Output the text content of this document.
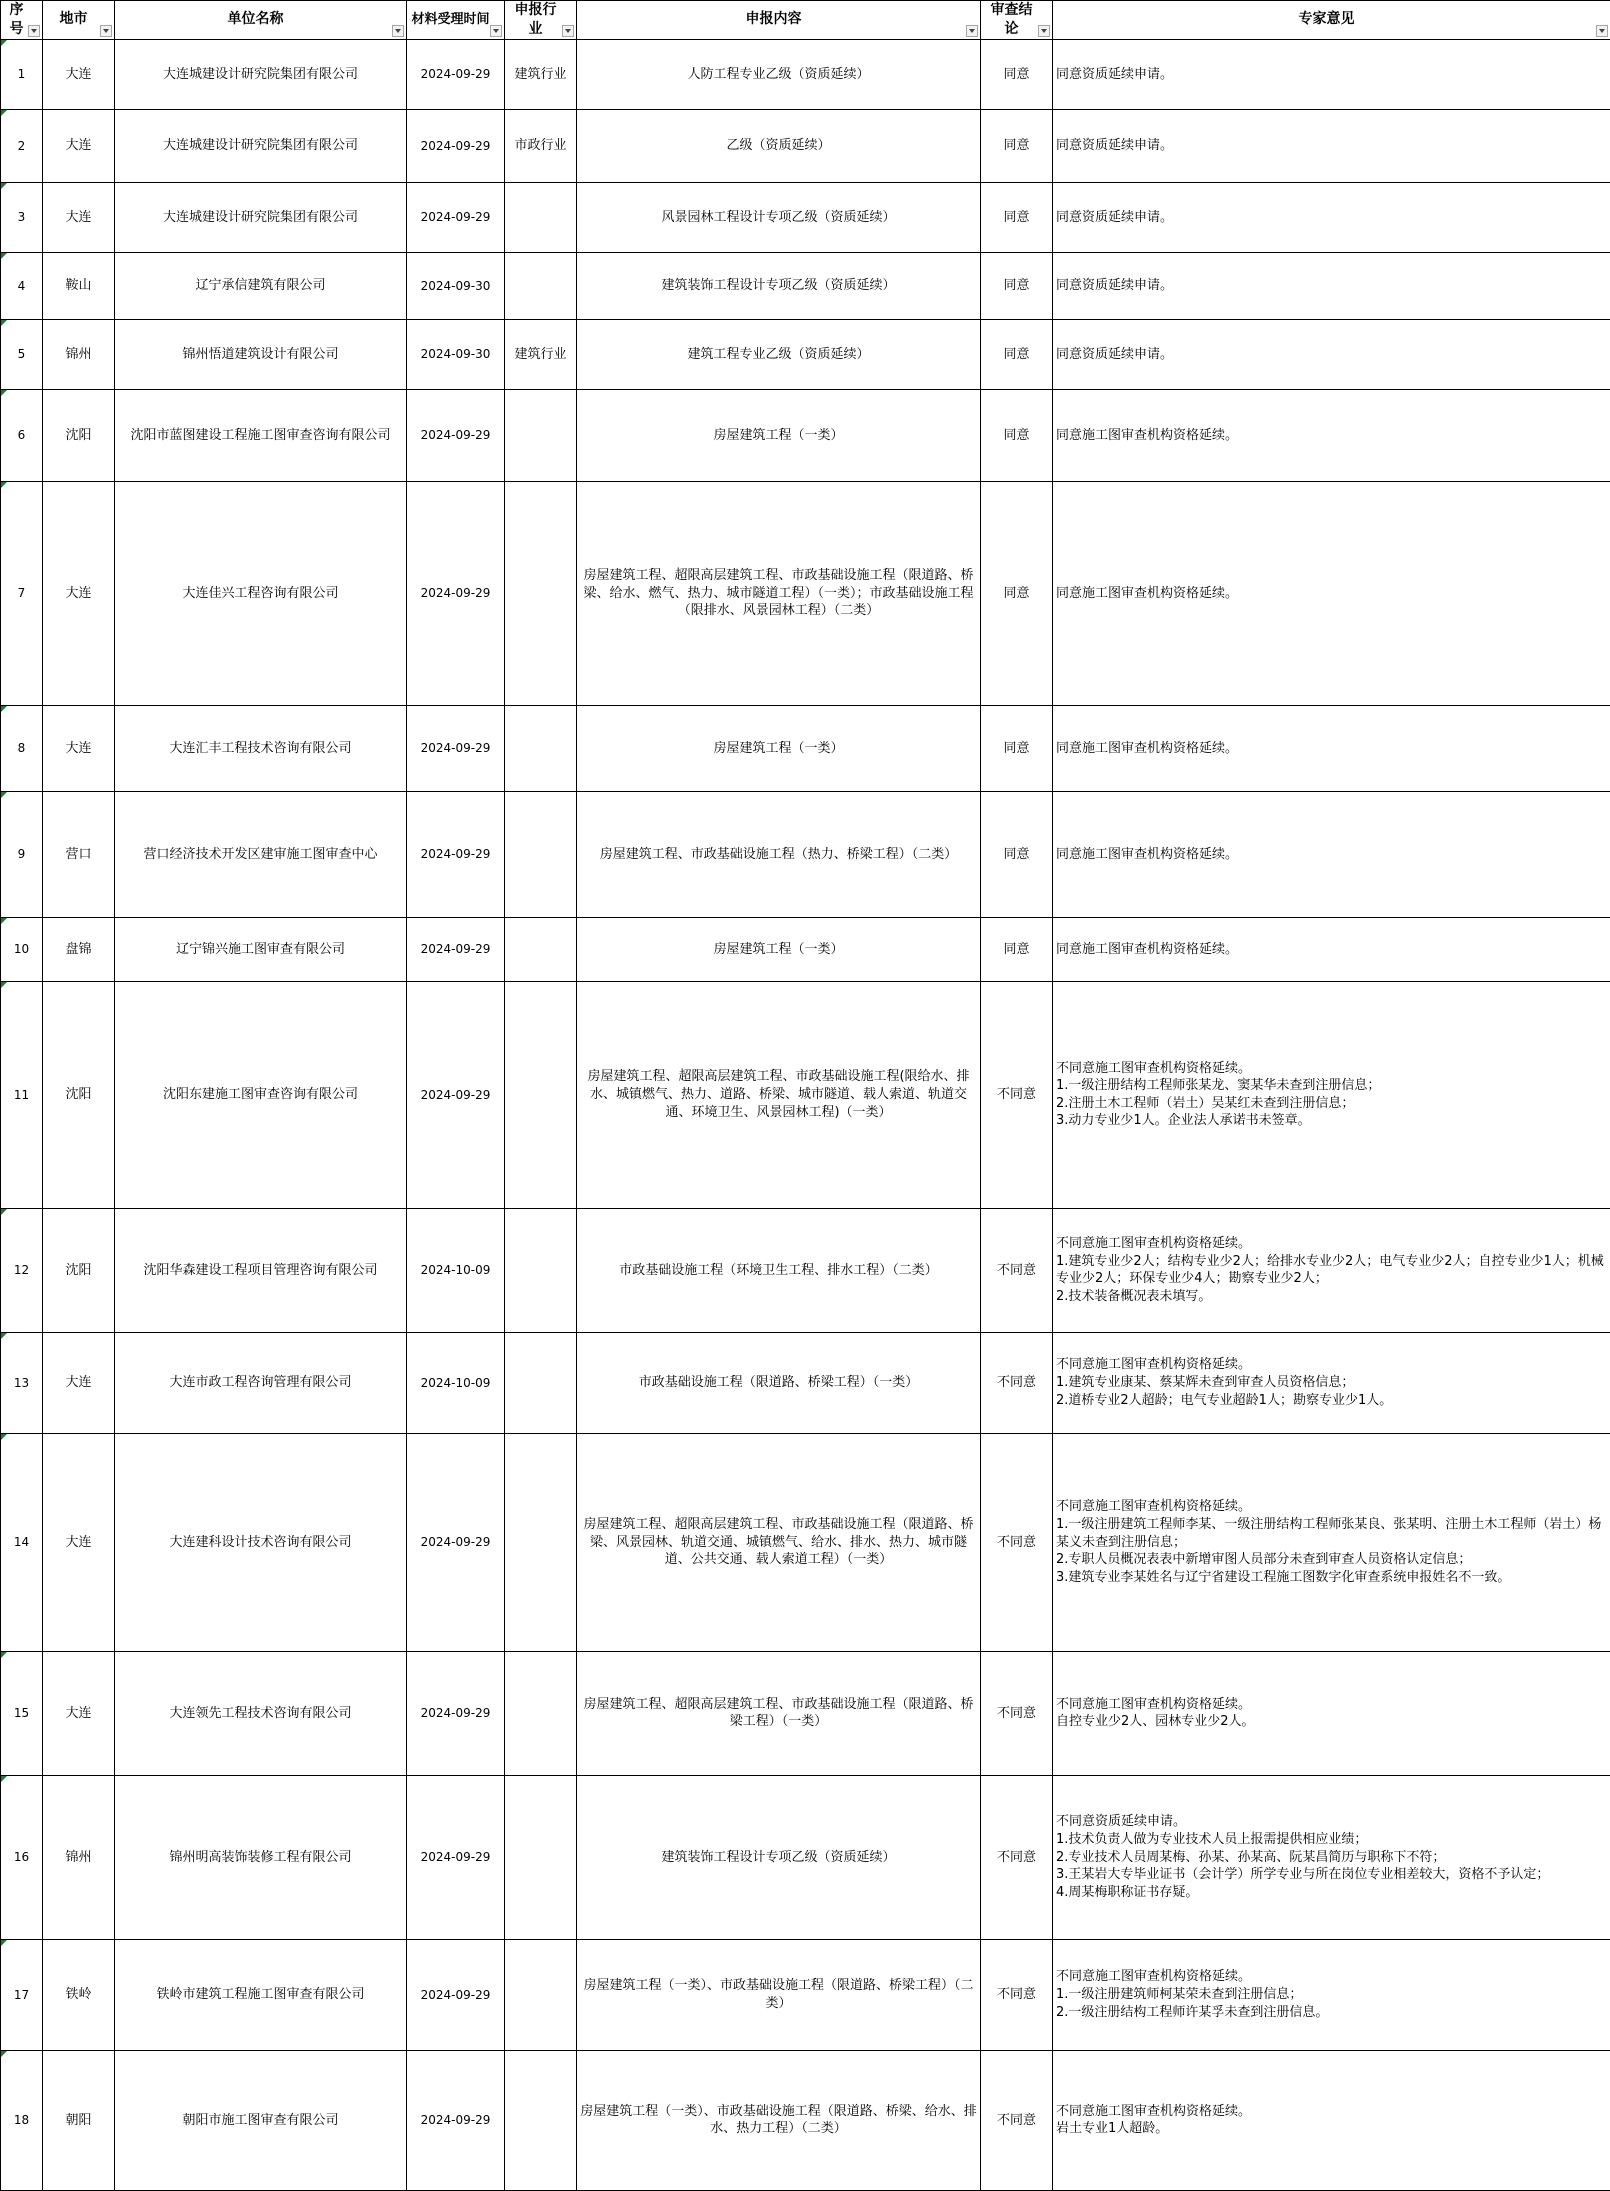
序号	地市	单位名称	材料受理时间	申报行业	申报内容	审查结论	专家意见

1	大连	大连城建设计研究院集团有限公司	2024-09-29	建筑行业	人防工程专业乙级（资质延续）	同意	同意资质延续申请。

2	大连	大连城建设计研究院集团有限公司	2024-09-29	市政行业	乙级（资质延续）	同意	同意资质延续申请。

3	大连	大连城建设计研究院集团有限公司	2024-09-29		风景园林工程设计专项乙级（资质延续）	同意	同意资质延续申请。

4	鞍山	辽宁承信建筑有限公司	2024-09-30		建筑装饰工程设计专项乙级（资质延续）	同意	同意资质延续申请。

5	锦州	锦州悟道建筑设计有限公司	2024-09-30	建筑行业	建筑工程专业乙级（资质延续）	同意	同意资质延续申请。

6	沈阳	沈阳市蓝图建设工程施工图审查咨询有限公司	2024-09-29		房屋建筑工程（一类）	同意	同意施工图审查机构资格延续。

7	大连	大连佳兴工程咨询有限公司	2024-09-29		房屋建筑工程、超限高层建筑工程、市政基础设施工程（限道路、桥梁、给水、燃气、热力、城市隧道工程）（一类）；市政基础设施工程（限排水、风景园林工程）（二类）	同意	同意施工图审查机构资格延续。

8	大连	大连汇丰工程技术咨询有限公司	2024-09-29		房屋建筑工程（一类）	同意	同意施工图审查机构资格延续。

9	营口	营口经济技术开发区建审施工图审查中心	2024-09-29		房屋建筑工程、市政基础设施工程（热力、桥梁工程）（二类）	同意	同意施工图审查机构资格延续。

10	盘锦	辽宁锦兴施工图审查有限公司	2024-09-29		房屋建筑工程（一类）	同意	同意施工图审查机构资格延续。

11	沈阳	沈阳东建施工图审查咨询有限公司	2024-09-29		房屋建筑工程、超限高层建筑工程、市政基础设施工程(限给水、排水、城镇燃气、热力、道路、桥梁、城市隧道、载人索道、轨道交通、环境卫生、风景园林工程)（一类）	不同意	不同意施工图审查机构资格延续。
1.一级注册结构工程师张某龙、窦某华未查到注册信息；
2.注册土木工程师（岩土）吴某红未查到注册信息；
3.动力专业少1人。企业法人承诺书未签章。

12	沈阳	沈阳华森建设工程项目管理咨询有限公司	2024-10-09		市政基础设施工程（环境卫生工程、排水工程）（二类）	不同意	不同意施工图审查机构资格延续。
1.建筑专业少2人；结构专业少2人；给排水专业少2人；电气专业少2人；自控专业少1人；机械专业少2人；环保专业少4人；勘察专业少2人；
2.技术装备概况表未填写。

13	大连	大连市政工程咨询管理有限公司	2024-10-09		市政基础设施工程（限道路、桥梁工程）（一类）	不同意	不同意施工图审查机构资格延续。
1.建筑专业康某、蔡某辉未查到审查人员资格信息；
2.道桥专业2人超龄；电气专业超龄1人；勘察专业少1人。

14	大连	大连建科设计技术咨询有限公司	2024-09-29		房屋建筑工程、超限高层建筑工程、市政基础设施工程（限道路、桥梁、风景园林、轨道交通、城镇燃气、给水、排水、热力、城市隧道、公共交通、载人索道工程）（一类）	不同意	不同意施工图审查机构资格延续。
1.一级注册建筑工程师李某、一级注册结构工程师张某良、张某明、注册土木工程师（岩土）杨某义未查到注册信息；
2.专职人员概况表表中新增审图人员部分未查到审查人员资格认定信息；
3.建筑专业李某姓名与辽宁省建设工程施工图数字化审查系统申报姓名不一致。

15	大连	大连领先工程技术咨询有限公司	2024-09-29		房屋建筑工程、超限高层建筑工程、市政基础设施工程（限道路、桥梁工程）（一类）	不同意	不同意施工图审查机构资格延续。
自控专业少2人、园林专业少2人。

16	锦州	锦州明高装饰装修工程有限公司	2024-09-29		建筑装饰工程设计专项乙级（资质延续）	不同意	不同意资质延续申请。
1.技术负责人做为专业技术人员上报需提供相应业绩；
2.专业技术人员周某梅、孙某、孙某高、阮某昌简历与职称下不符；
3.王某岩大专毕业证书（会计学）所学专业与所在岗位专业相差较大，资格不予认定；
4.周某梅职称证书存疑。

17	铁岭	铁岭市建筑工程施工图审查有限公司	2024-09-29		房屋建筑工程（一类）、市政基础设施工程（限道路、桥梁工程）（二类）	不同意	不同意施工图审查机构资格延续。
1.一级注册建筑师柯某荣未查到注册信息；
2.一级注册结构工程师许某孚未查到注册信息。

18	朝阳	朝阳市施工图审查有限公司	2024-09-29		房屋建筑工程（一类）、市政基础设施工程（限道路、桥梁、给水、排水、热力工程）（二类）	不同意	不同意施工图审查机构资格延续。
岩土专业1人超龄。
